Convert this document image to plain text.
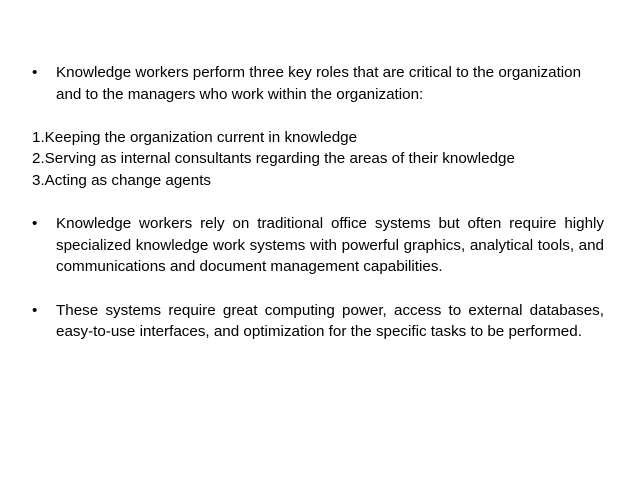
•	Knowledge workers perform three key roles that are critical to the organization and to the managers who work within the organization:
1.Keeping the organization current in knowledge
2.Serving as internal consultants regarding the areas of their knowledge
3.Acting as change agents
•	Knowledge workers rely on traditional office systems but often require highly specialized knowledge work systems with powerful graphics, analytical tools, and communications and document management capabilities.
•	These systems require great computing power, access to external databases, easy-to-use interfaces, and optimization for the specific tasks to be performed.
